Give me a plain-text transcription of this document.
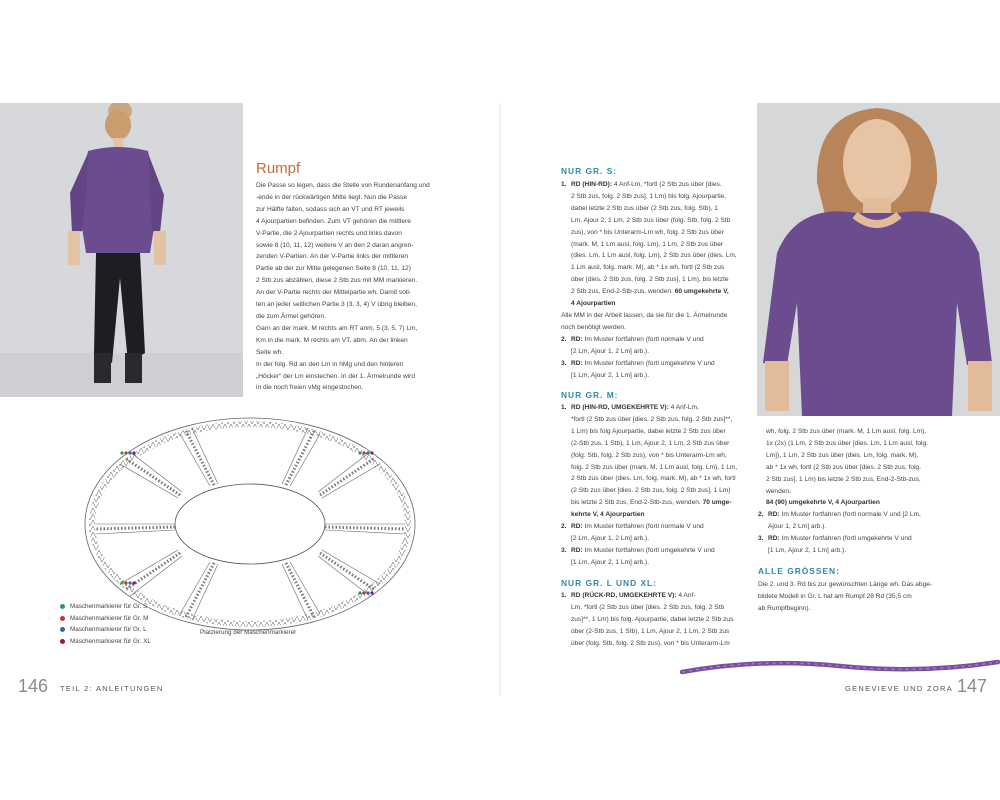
Rumpf

Die Passe so legen, dass die Stelle von Rundenanfang und
-ende in der rückwärtigen Mitte liegt. Nun die Passe
zur Hälfte falten, sodass sich an VT und RT jeweils
4 Ajourpartien befinden. Zum VT gehören die mittlere
V-Partie, die 2 Ajourpartien rechts und links davon
sowie 8 (10, 11, 12) weitere V an den 2 daran angren-
zenden V-Partien. An der V-Partie links der mittleren
Partie ab der zur Mitte gelegenen Seite 8 (10, 11, 12)
2 Stb zus abzählen, diese 2 Stb zus mit MM markieren.
An der V-Partie rechts der Mittelpartie wh. Damit soll-
ten an jeder seitlichen Partie 3 (3, 3, 4) V übrig bleiben,
die zum Ärmel gehören.

Garn an der mark. M rechts am RT anm, 5 (3, 5, 7) Lm,
Km in die mark. M rechts am VT, abm. An der linken
Seite wh.

In der folg. Rd an den Lm in hMg und den hinteren
„Höcker“ der Lm einstechen. In der 1. Ärmelrunde wird
in die noch freien vMg eingestochen.

Maschenmarkierer für Gr. S
Maschenmarkierer für Gr. M
Maschenmarkierer für Gr. L
Maschenmarkierer für Gr. XL
Platzierung der Maschenmarkierer
NUR GR. S:
1. RD (HIN-RD): 4 Anf-Lm, *fortl (2 Stb zus über [dies.
2 Stb zus, folg. 2 Stb zus], 1 Lm) bis folg. Ajourpartie,
dabei letzte 2 Stb zus über (2 Stb zus, folg. Stb), 1
Lm, Ajour 2, 1 Lm, 2 Stb zus über (folg. Stb, folg. 2 Stb
zus), von * bis Unterarm-Lm wh, folg. 2 Stb zus über
(mark. M, 1 Lm ausl, folg. Lm), 1 Lm, 2 Stb zus über
(dies. Lm, 1 Lm ausl, folg. Lm), 2 Stb zus über (dies. Lm,
1 Lm ausl, folg. mark. M), ab * 1x wh, fortl (2 Stb zus
über [dies. 2 Stb zus, folg. 2 Stb zus], 1 Lm), bis letzte
2 Stb zus, End-2-Stb-zus, wenden. 60 umgekehrte V,
4 Ajourpartien
Alle MM in der Arbeit lassen, da sie für die 1. Ärmelrunde
noch benötigt werden.
2. RD: Im Muster fortfahren (fortl normale V und
[2 Lm, Ajour 1, 2 Lm] arb.).
3. RD: Im Muster fortfahren (fortl umgekehrte V und
[1 Lm, Ajour 2, 1 Lm] arb.).
NUR GR. M:
1. RD (HIN-RD, UMGEKEHRTE V): 4 Anf-Lm,
*fortl (2 Stb zus über [dies. 2 Stb zus, folg. 2 Stb zus]**,
1 Lm) bis folg Ajourpartie, dabei letzte 2 Stb zus über
(2-Stb zus, 1 Stb), 1 Lm, Ajour 2, 1 Lm, 2 Stb zus über
(folg. Stb, folg. 2 Stb zus), von * bis Unterarm-Lm wh,
folg. 2 Stb zus über (mark. M, 1 Lm ausl, folg. Lm), 1 Lm,
2 Stb zus über (dies. Lm, folg. mark. M), ab * 1x wh, fortl
(2 Stb zus über [dies. 2 Stb zus, folg. 2 Stb zus], 1 Lm)
bis letzte 2 Stb zus, End-2-Stb-zus, wenden. 70 umge-
kehrte V, 4 Ajourpartien
2. RD: Im Muster fortfahren (fortl normale V und
[2 Lm, Ajour 1, 2 Lm] arb.).
3. RD: Im Muster fortfahren (fortl umgekehrte V und
[1 Lm, Ajour 2, 1 Lm] arb.).
NUR GR. L UND XL:
1. RD (RÜCK-RD, UMGEKEHRTE V): 4 Anf-
Lm, *fortl (2 Stb zus über [dies. 2 Stb zus, folg. 2 Stb
zus]**, 1 Lm) bis folg. Ajourpartie, dabei letzte 2 Stb zus
über (2-Stb zus, 1 Stb), 1 Lm, Ajour 2, 1 Lm, 2 Stb zus
über (folg. Stb, folg. 2 Stb zus), von * bis Unterarm-Lm
wh, folg. 2 Stb zus über (mark. M, 1 Lm ausl, folg. Lm),
1x (2x) (1 Lm, 2 Stb zus über [dies. Lm, 1 Lm ausl, folg.
Lm]), 1 Lm, 2 Stb zus über (dies. Lm, folg. mark. M),
ab * 1x wh, fortl (2 Stb zus über [dies. 2 Stb zus, folg.
2 Stb zus], 1 Lm) bis letzte 2 Stb zus, End-2-Stb-zus,
wenden.
84 (90) umgekehrte V, 4 Ajourpartien
2. RD: Im Muster fortfahren (fortl normale V und [2 Lm,
Ajour 1, 2 Lm] arb.).
3. RD: Im Muster fortfahren (fortl umgekehrte V und
[1 Lm, Ajour 2, 1 Lm] arb.).
ALLE GRÖSSEN:
Die 2. und 3. Rd bis zur gewünschten Länge wh. Das abge-
bildete Modell in Gr. L hat am Rumpf 28 Rd (35,5 cm
ab Rumpfbeginn).
146 TEIL 2: ANLEITUNGEN	GENEVIEVE UND ZORA 147
